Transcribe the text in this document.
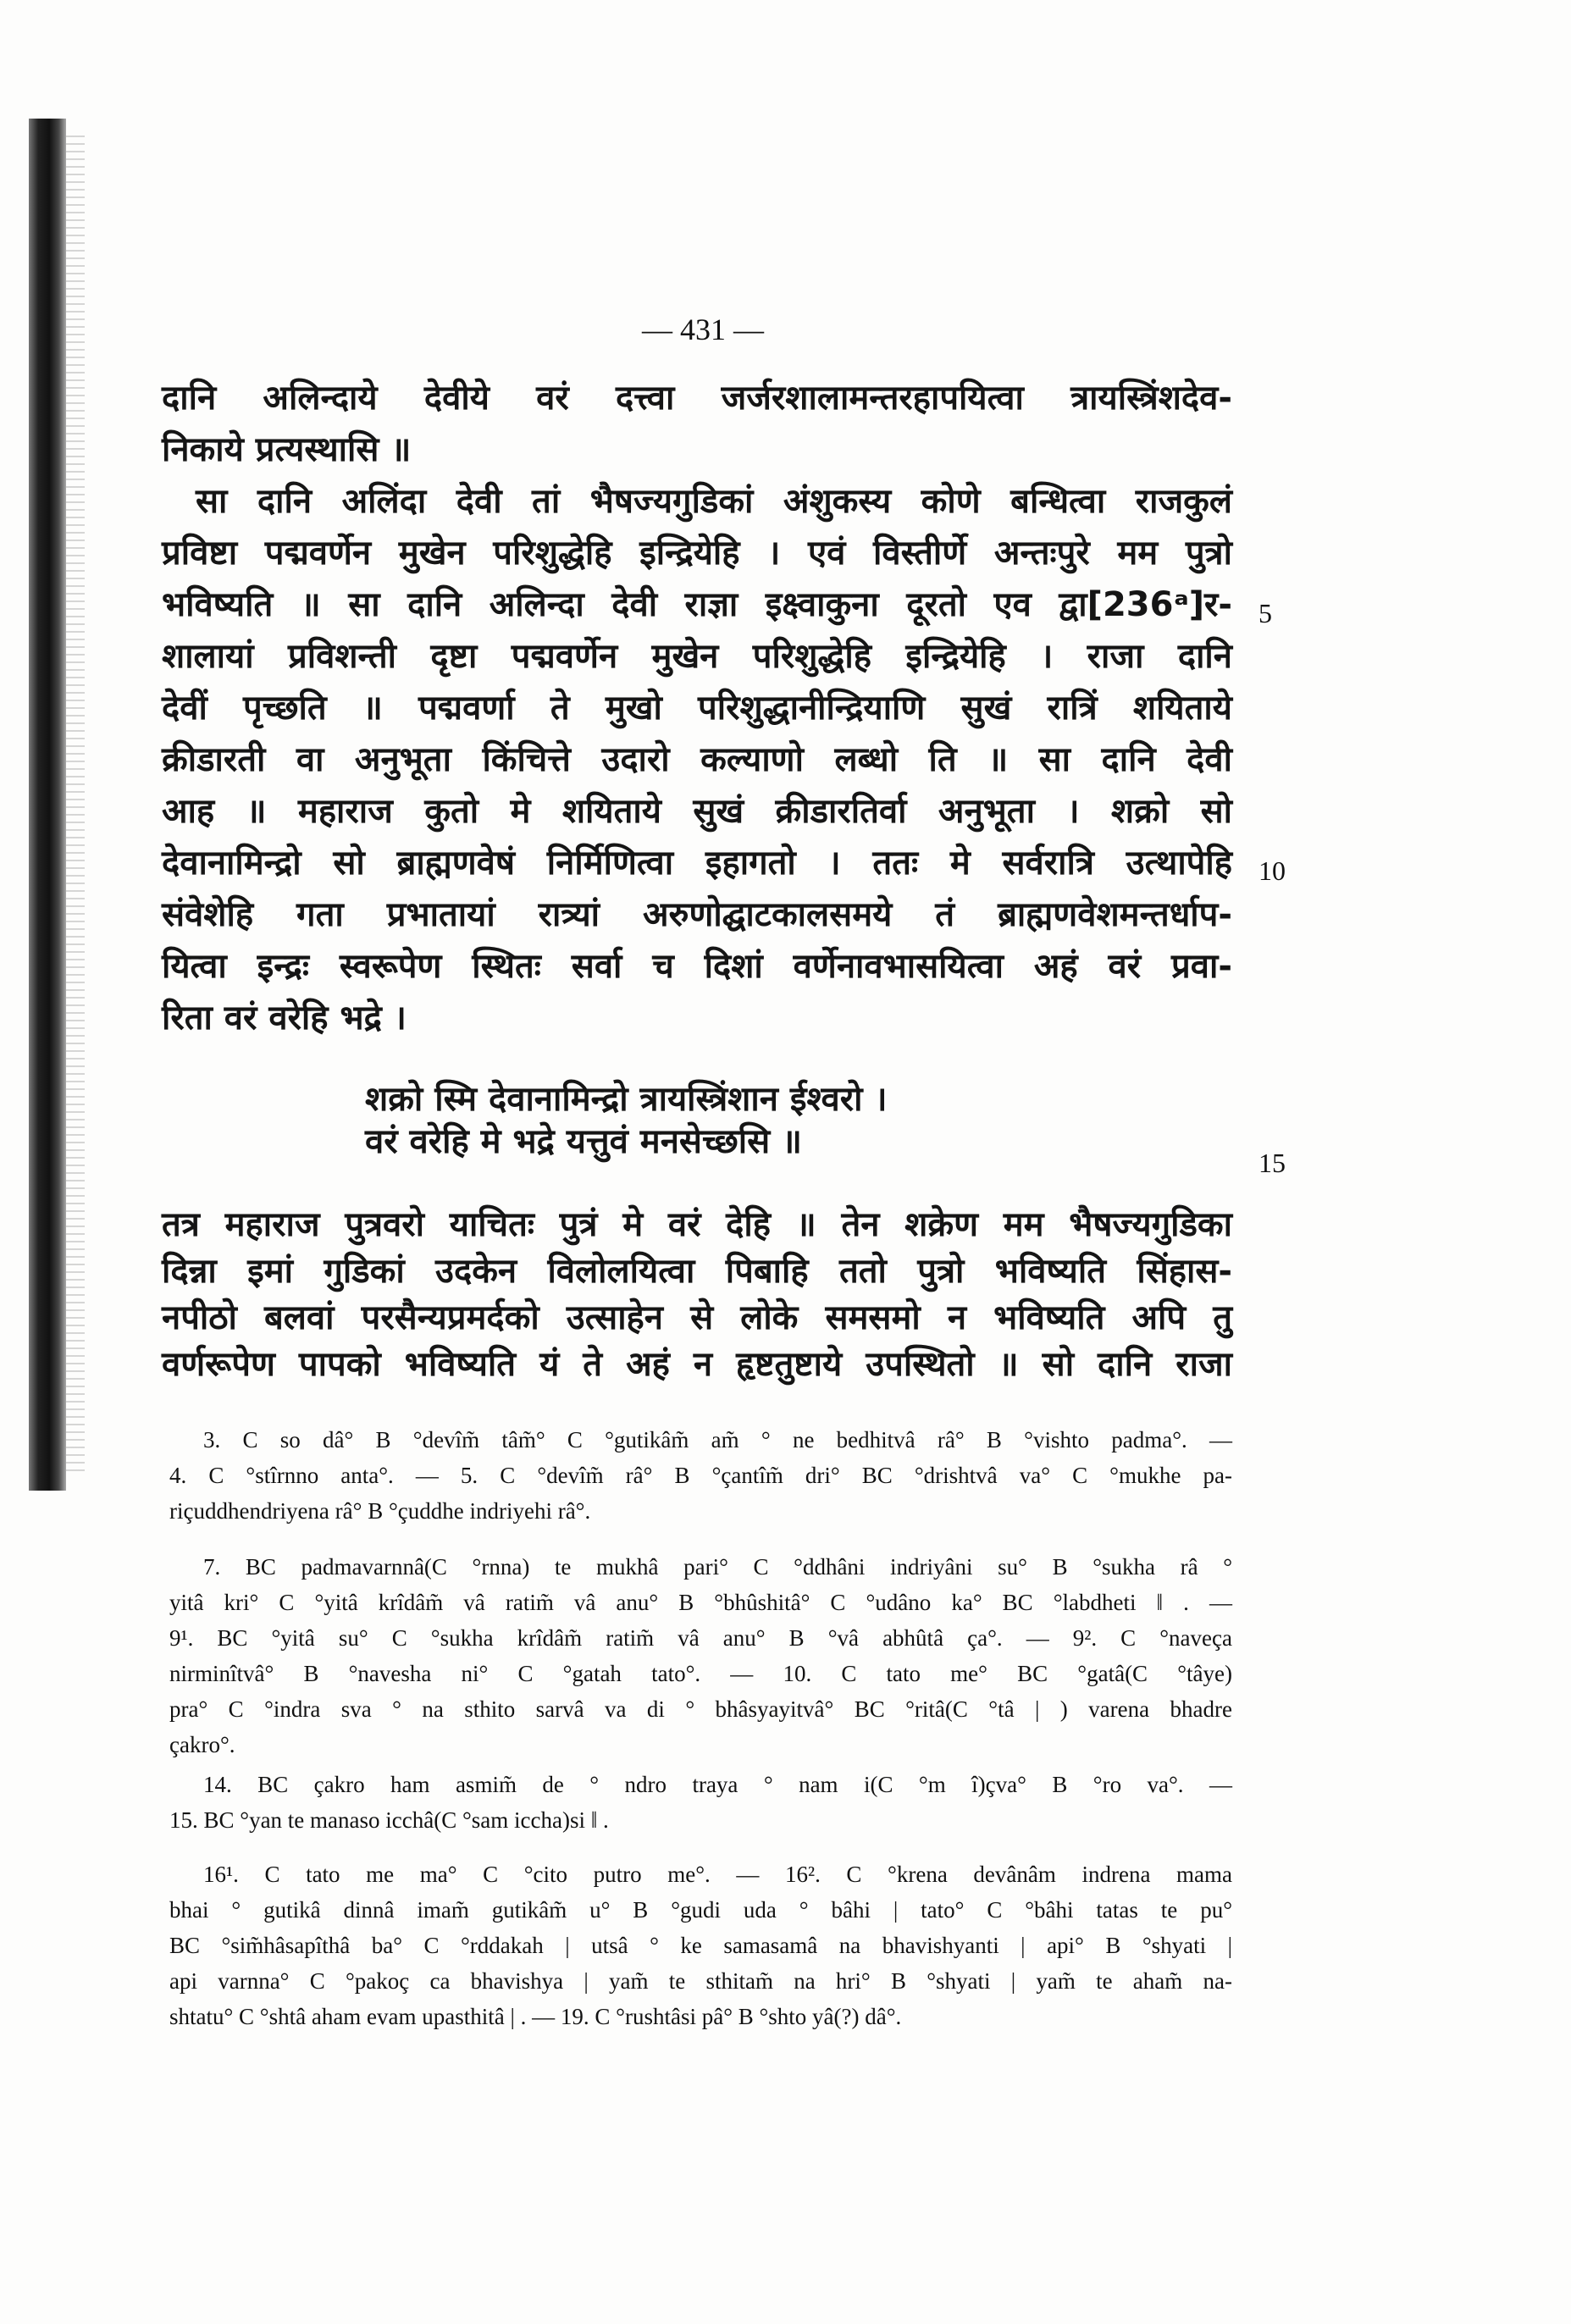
— 431 —
दानि अलिन्दाये देवीये वरं दत्त्वा जर्जरशालामन्तरहापयित्वा त्रायस्त्रिंशदेव-
निकाये प्रत्यस्थासि ॥
सा दानि अलिंदा देवी तां भैषज्यगुडिकां अंशुकस्य कोणे बन्धित्वा राजकुलं
प्रविष्टा पद्मवर्णेन मुखेन परिशुद्धेहि इन्द्रियेहि । एवं विस्तीर्णे अन्तःपुरे मम पुत्रो
भविष्यति ॥ सा दानि अलिन्दा देवी राज्ञा इक्ष्वाकुना दूरतो एव द्वा[236ᵃ]र-
शालायां प्रविशन्ती दृष्टा पद्मवर्णेन मुखेन परिशुद्धेहि इन्द्रियेहि । राजा दानि
देवीं पृच्छति ॥ पद्मवर्णा ते मुखो परिशुद्धानीन्द्रियाणि सुखं रात्रिं शयिताये
क्रीडारती वा अनुभूता किंचित्ते उदारो कल्याणो लब्धो ति ॥ सा दानि देवी
आह ॥ महाराज कुतो मे शयिताये सुखं क्रीडारतिर्वा अनुभूता । शक्रो सो
देवानामिन्द्रो सो ब्राह्मणवेषं निर्मिणित्वा इहागतो । ततः मे सर्वरात्रि उत्थापेहि
संवेशेहि गता प्रभातायां रात्र्यां अरुणोद्घाटकालसमये तं ब्राह्मणवेशमन्तर्धाप-
यित्वा इन्द्रः स्वरूपेण स्थितः सर्वा च दिशां वर्णेनावभासयित्वा अहं वरं प्रवा-
रिता वरं वरेहि भद्रे ।
शक्रो स्मि देवानामिन्द्रो त्रायस्त्रिंशान ईश्वरो ।
वरं वरेहि मे भद्रे यत्तुवं मनसेच्छसि ॥
तत्र महाराज पुत्रवरो याचितः पुत्रं मे वरं देहि ॥ तेन शक्रेण मम भैषज्यगुडिका
दिन्ना इमां गुडिकां उदकेन विलोलयित्वा पिबाहि ततो पुत्रो भविष्यति सिंहास-
नपीठो बलवां परसैन्यप्रमर्दको उत्साहेन से लोके समसमो न भविष्यति अपि तु
वर्णरूपेण पापको भविष्यति यं ते अहं न हृष्टतुष्टाये उपस्थितो ॥ सो दानि राजा
5
10
15
3. C so dâ° B °devîm̃ tâm̃° C °gutikâm̃ am̃ ° ne bedhitvâ râ° B °vishto padma°. —
4. C °stîrnno anta°. — 5. C °devîm̃ râ° B °çantîm̃ dri° BC °drishtvâ va° C °mukhe pa-
riçuddhendriyena râ° B °çuddhe indriyehi râ°.
7. BC padmavarnnâ(C °rnna) te mukhâ pari° C °ddhâni indriyâni su° B °sukha râ °
yitâ kri° C °yitâ krîdâm̃ vâ ratim̃ vâ anu° B °bhûshitâ° C °udâno ka° BC °labdheti ‖ . —
9¹. BC °yitâ su° C °sukha krîdâm̃ ratim̃ vâ anu° B °vâ abhûtâ ça°. — 9². C °naveça
nirminîtvâ° B °navesha ni° C °gatah tato°. — 10. C tato me° BC °gatâ(C °tâye)
pra° C °indra sva ° na sthito sarvâ va di ° bhâsyayitvâ° BC °ritâ(C °tâ | ) varena bhadre
çakro°.
14. BC çakro ham asmim̃ de ° ndro traya ° nam i(C °m î)çva° B °ro va°. —
15. BC °yan te manaso icchâ(C °sam iccha)si ‖ .
16¹. C tato me ma° C °cito putro me°. — 16². C °krena devânâm indrena mama
bhai ° gutikâ dinnâ imam̃ gutikâm̃ u° B °gudi uda ° bâhi | tato° C °bâhi tatas te pu°
BC °sim̃hâsapîthâ ba° C °rddakah | utsâ ° ke samasamâ na bhavishyanti | api° B °shyati |
api varnna° C °pakoç ca bhavishya | yam̃ te sthitam̃ na hri° B °shyati | yam̃ te aham̃ na-
shtatu° C °shtâ aham evam upasthitâ | . — 19. C °rushtâsi pâ° B °shto yâ(?) dâ°.
